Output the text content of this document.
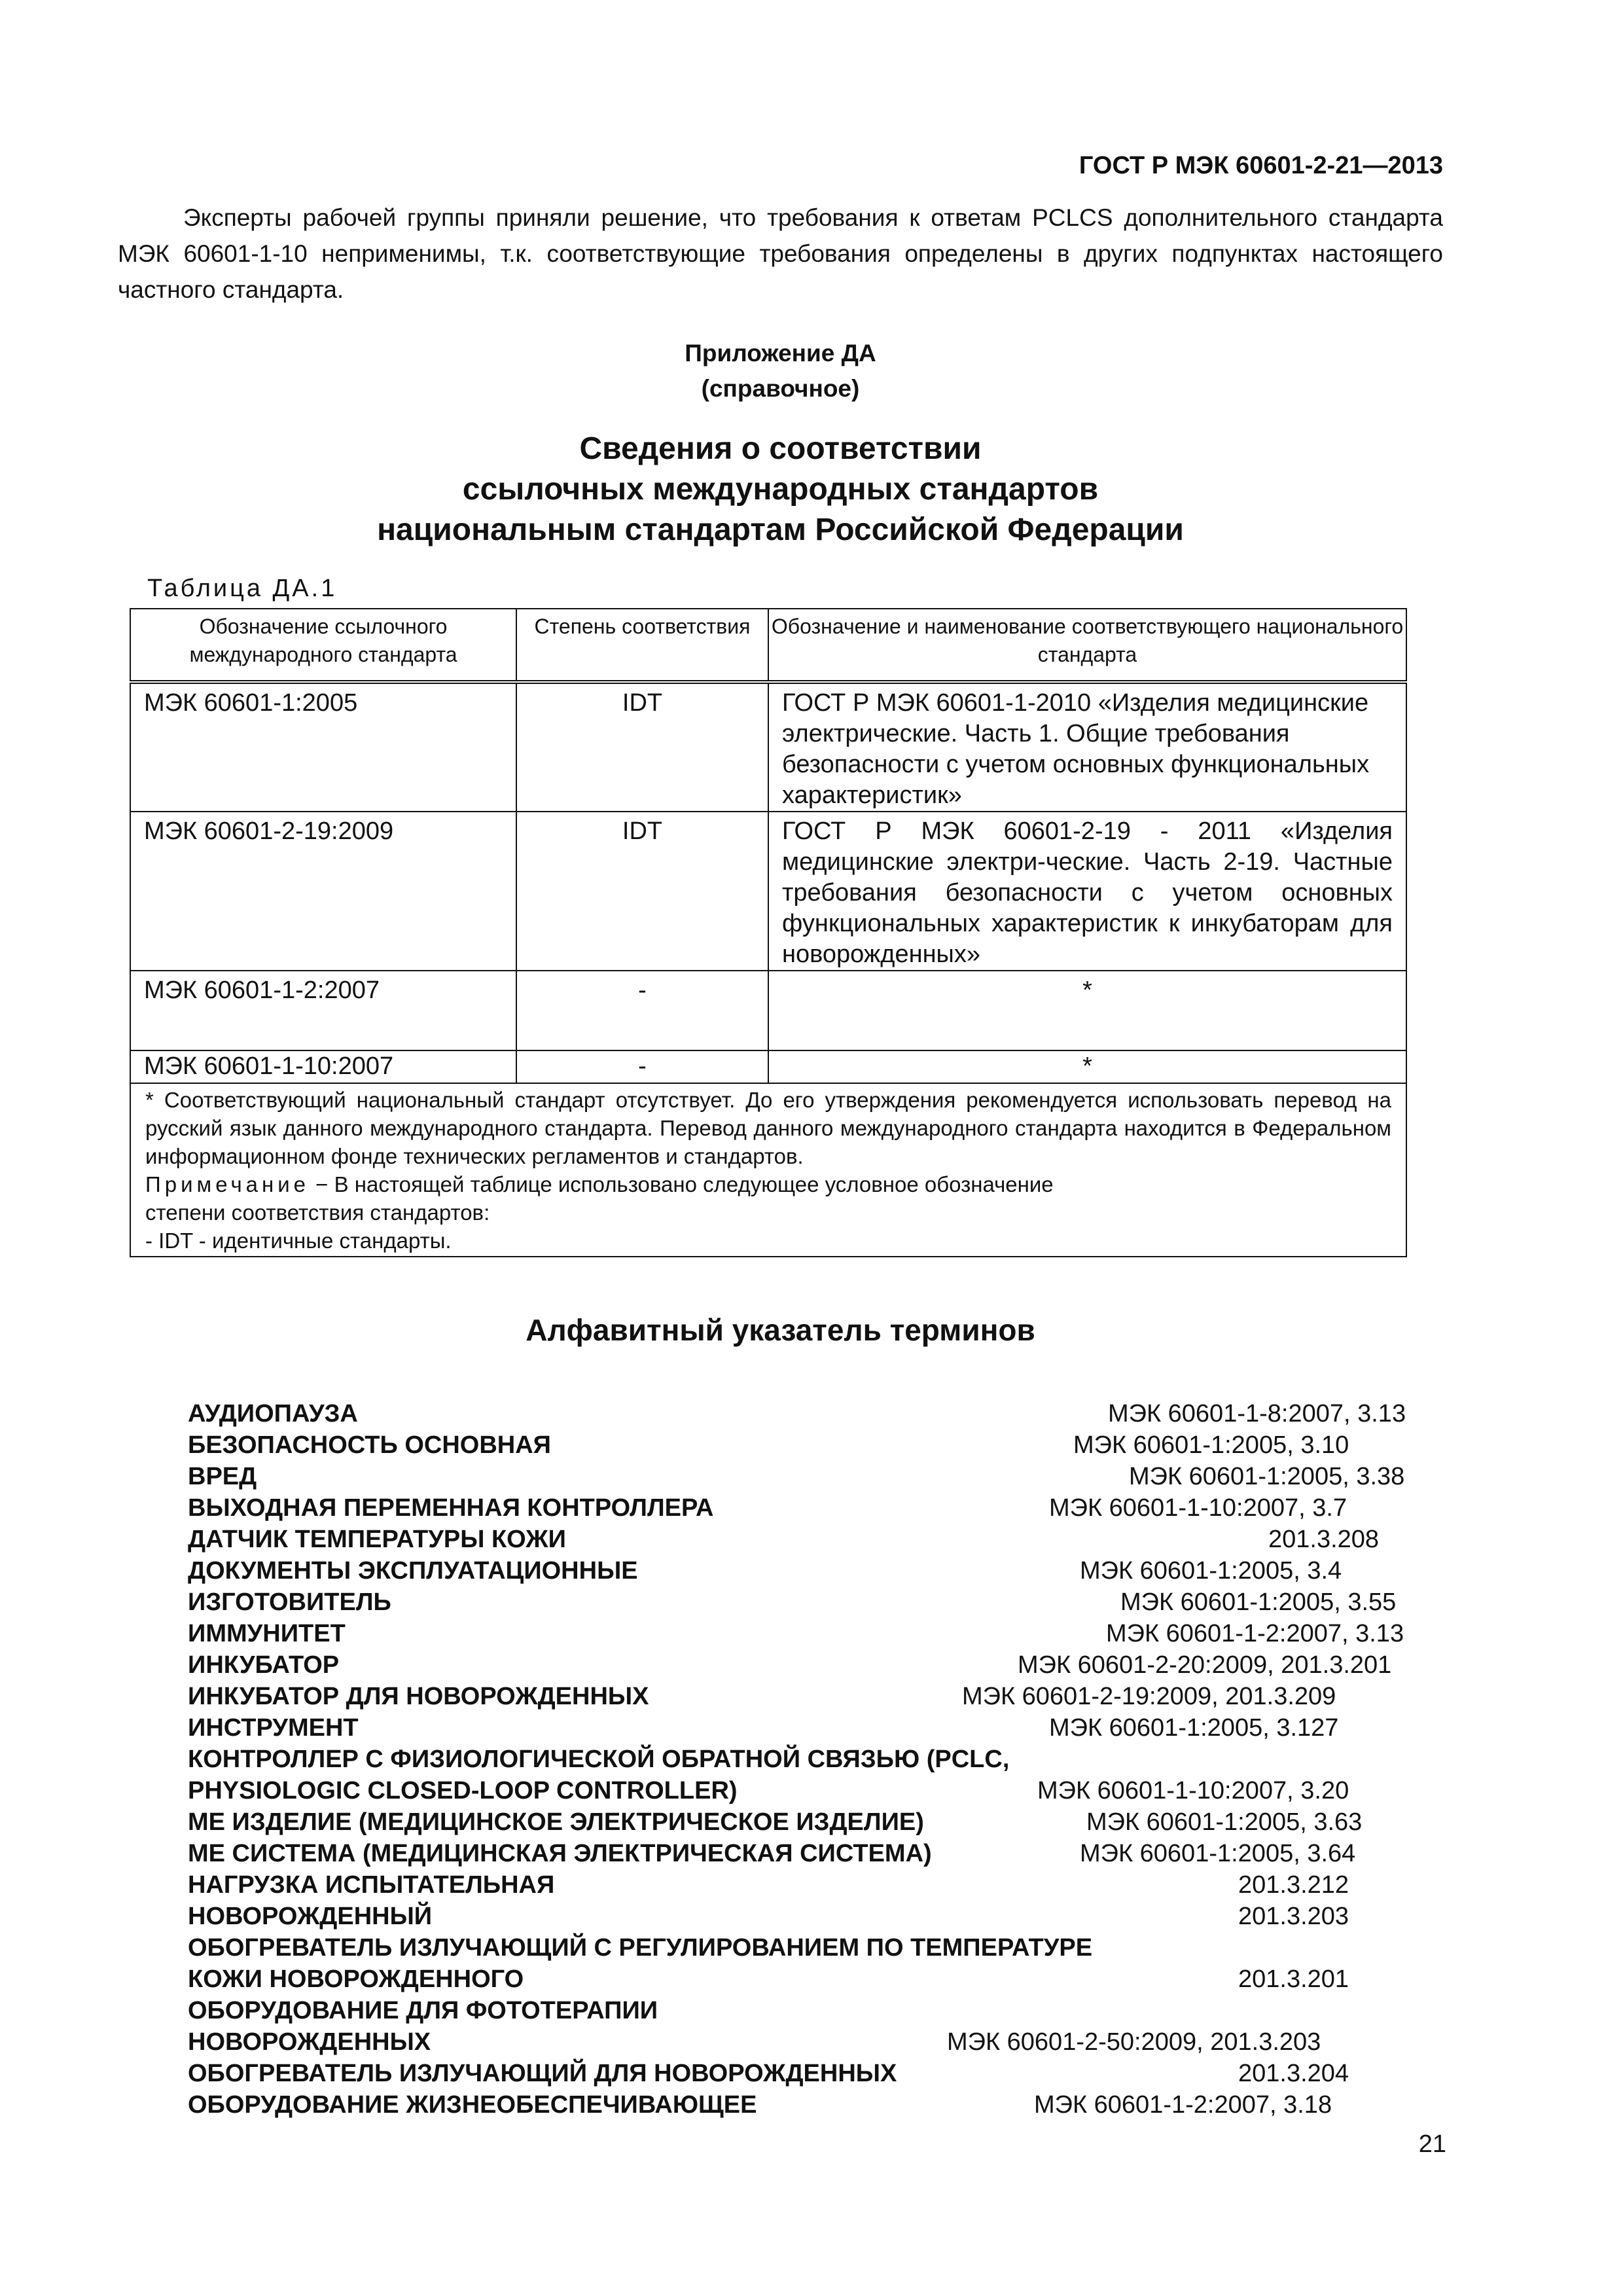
ГОСТ Р МЭК 60601-2-21—2013
Эксперты рабочей группы приняли решение, что требования к ответам PCLCS дополнительного стандарта МЭК 60601-1-10 неприменимы, т.к. соответствующие требования определены в других подпунктах настоящего частного стандарта.
Приложение ДА
(справочное)
Сведения о соответствии
ссылочных международных стандартов
национальным стандартам Российской Федерации
Таблица ДА.1
Обозначение ссылочного международного стандарта	Степень соответствия	Обозначение и наименование соответствующего национального стандарта
МЭК 60601-1:2005	IDT	ГОСТ Р МЭК 60601-1-2010 «Изделия медицинские электрические. Часть 1. Общие требования безопасности с учетом основных функциональных характеристик»
МЭК 60601-2-19:2009	IDT	ГОСТ Р МЭК 60601-2-19 - 2011 «Изделия медицинские электри-ческие. Часть 2-19. Частные требования безопасности с учетом основных функциональных характеристик к инкубаторам для новорожденных»
МЭК 60601-1-2:2007	-	*
МЭК 60601-1-10:2007	-	*

* Соответствующий национальный стандарт отсутствует. До его утверждения рекомендуется использовать перевод на русский язык данного международного стандарта. Перевод данного международного стандарта находится в Федеральном информационном фонде технических регламентов и стандартов.
Примечание − В настоящей таблице использовано следующее условное обозначение
степени соответствия стандартов:
- IDT - идентичные стандарты.		
Алфавитный указатель терминов
АУДИОПАУЗА	МЭК 60601-1-8:2007, 3.13
БЕЗОПАСНОСТЬ ОСНОВНАЯ	МЭК 60601-1:2005, 3.10
ВРЕД	МЭК 60601-1:2005, 3.38
ВЫХОДНАЯ ПЕРЕМЕННАЯ КОНТРОЛЛЕРА	МЭК 60601-1-10:2007, 3.7
ДАТЧИК ТЕМПЕРАТУРЫ КОЖИ	201.3.208
ДОКУМЕНТЫ ЭКСПЛУАТАЦИОННЫЕ	МЭК 60601-1:2005, 3.4
ИЗГОТОВИТЕЛЬ	МЭК 60601-1:2005, 3.55
ИММУНИТЕТ	МЭК 60601-1-2:2007, 3.13
ИНКУБАТОР	МЭК 60601-2-20:2009, 201.3.201
ИНКУБАТОР ДЛЯ НОВОРОЖДЕННЫХ	МЭК 60601-2-19:2009, 201.3.209
ИНСТРУМЕНТ	МЭК 60601-1:2005, 3.127
КОНТРОЛЛЕР С ФИЗИОЛОГИЧЕСКОЙ ОБРАТНОЙ СВЯЗЬЮ (PCLC,
PHYSIOLOGIC CLOSED-LOOP CONTROLLER)	МЭК 60601-1-10:2007, 3.20
МЕ ИЗДЕЛИЕ (МЕДИЦИНСКОЕ ЭЛЕКТРИЧЕСКОЕ ИЗДЕЛИЕ)	МЭК 60601-1:2005, 3.63
МЕ СИСТЕМА (МЕДИЦИНСКАЯ ЭЛЕКТРИЧЕСКАЯ СИСТЕМА)	МЭК 60601-1:2005, 3.64
НАГРУЗКА ИСПЫТАТЕЛЬНАЯ	201.3.212
НОВОРОЖДЕННЫЙ	201.3.203
ОБОГРЕВАТЕЛЬ ИЗЛУЧАЮЩИЙ С РЕГУЛИРОВАНИЕМ ПО ТЕМПЕРАТУРЕ
КОЖИ НОВОРОЖДЕННОГО	201.3.201
ОБОРУДОВАНИЕ ДЛЯ ФОТОТЕРАПИИ
НОВОРОЖДЕННЫХ	МЭК 60601-2-50:2009, 201.3.203
ОБОГРЕВАТЕЛЬ ИЗЛУЧАЮЩИЙ ДЛЯ НОВОРОЖДЕННЫХ	201.3.204
ОБОРУДОВАНИЕ ЖИЗНЕОБЕСПЕЧИВАЮЩЕЕ	МЭК 60601-1-2:2007, 3.18
21
